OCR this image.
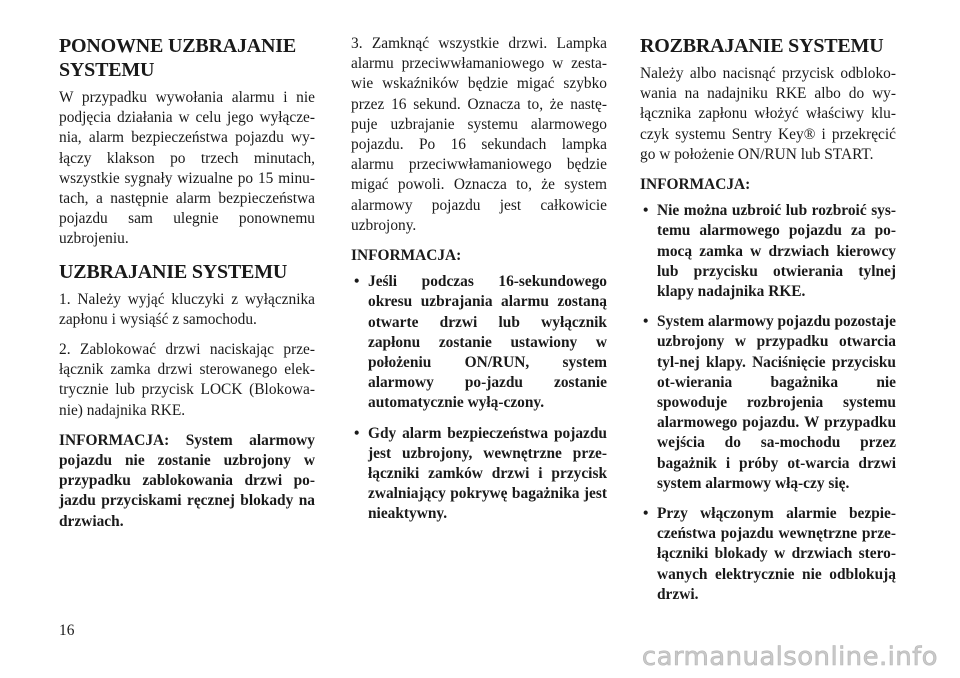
PONOWNE UZBRAJANIE SYSTEMU

W przypadku wywołania alarmu i nie podjęcia działania w celu jego wyłącze-nia, alarm bezpieczeństwa pojazdu wy-łączy klakson po trzech minutach, wszystkie sygnały wizualne po 15 minu-tach, a następnie alarm bezpieczeństwa pojazdu sam ulegnie ponownemu uzbrojeniu.

UZBRAJANIE SYSTEMU

1. Należy wyjąć kluczyki z wyłącznika zapłonu i wysiąść z samochodu.

2. Zablokować drzwi naciskając prze-łącznik zamka drzwi sterowanego elek-trycznie lub przycisk LOCK (Blokowa-nie) nadajnika RKE.

INFORMACJA: System alarmowy pojazdu nie zostanie uzbrojony w przypadku zablokowania drzwi po-jazdu przyciskami ręcznej blokady na drzwiach.

3. Zamknąć wszystkie drzwi. Lampka alarmu przeciwwłamaniowego w zesta-wie wskaźników będzie migać szybko przez 16 sekund. Oznacza to, że nastę-puje uzbrajanie systemu alarmowego pojazdu. Po 16 sekundach lampka alarmu przeciwwłamaniowego będzie migać powoli. Oznacza to, że system alarmowy pojazdu jest całkowicie uzbrojony.

INFORMACJA:

• Jeśli podczas 16-sekundowego okresu uzbrajania alarmu zostaną otwarte drzwi lub wyłącznik zapłonu zostanie ustawiony w położeniu ON/RUN, system alarmowy po-jazdu zostanie automatycznie wyłą-czony.
• Gdy alarm bezpieczeństwa pojazdu jest uzbrojony, wewnętrzne prze-łączniki zamków drzwi i przycisk zwalniający pokrywę bagażnika jest nieaktywny.
ROZBRAJANIE SYSTEMU

Należy albo nacisnąć przycisk odbloko-wania na nadajniku RKE albo do wy-łącznika zapłonu włożyć właściwy klu-czyk systemu Sentry Key® i przekręcić go w położenie ON/RUN lub START.

INFORMACJA:

• Nie można uzbroić lub rozbroić sys-temu alarmowego pojazdu za po-mocą zamka w drzwiach kierowcy lub przycisku otwierania tylnej klapy nadajnika RKE.
• System alarmowy pojazdu pozostaje uzbrojony w przypadku otwarcia tyl-nej klapy. Naciśnięcie przycisku ot-wierania bagażnika nie spowoduje rozbrojenia systemu alarmowego pojazdu. W przypadku wejścia do sa-mochodu przez bagażnik i próby ot-warcia drzwi system alarmowy włą-czy się.
• Przy włączonym alarmie bezpie-czeństwa pojazdu wewnętrzne prze-łączniki blokady w drzwiach stero-wanych elektrycznie nie odblokują drzwi.
16
carmanualsonline.info
